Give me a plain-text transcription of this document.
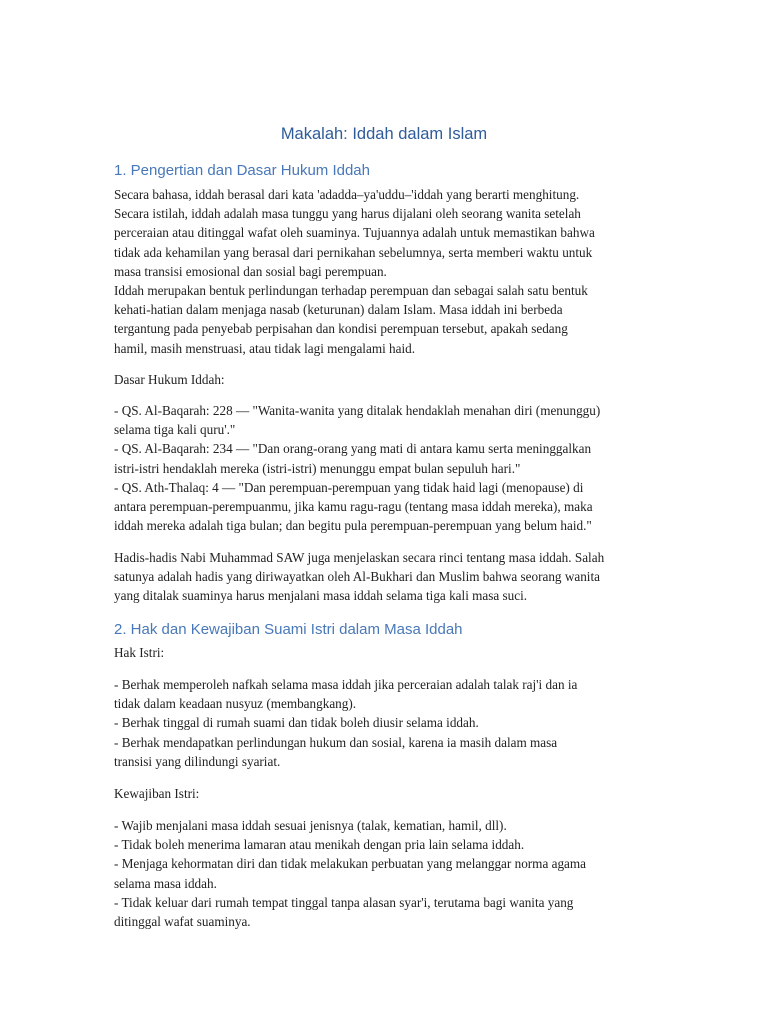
Makalah: Iddah dalam Islam
1. Pengertian dan Dasar Hukum Iddah

Secara bahasa, iddah berasal dari kata 'adadda–ya'uddu–'iddah yang berarti menghitung.
Secara istilah, iddah adalah masa tunggu yang harus dijalani oleh seorang wanita setelah
perceraian atau ditinggal wafat oleh suaminya. Tujuannya adalah untuk memastikan bahwa
tidak ada kehamilan yang berasal dari pernikahan sebelumnya, serta memberi waktu untuk
masa transisi emosional dan sosial bagi perempuan.
Iddah merupakan bentuk perlindungan terhadap perempuan dan sebagai salah satu bentuk
kehati-hatian dalam menjaga nasab (keturunan) dalam Islam. Masa iddah ini berbeda
tergantung pada penyebab perpisahan dan kondisi perempuan tersebut, apakah sedang
hamil, masih menstruasi, atau tidak lagi mengalami haid.

Dasar Hukum Iddah:

- QS. Al-Baqarah: 228 — "Wanita-wanita yang ditalak hendaklah menahan diri (menunggu)
selama tiga kali quru'."
- QS. Al-Baqarah: 234 — "Dan orang-orang yang mati di antara kamu serta meninggalkan
istri-istri hendaklah mereka (istri-istri) menunggu empat bulan sepuluh hari."
- QS. Ath-Thalaq: 4 — "Dan perempuan-perempuan yang tidak haid lagi (menopause) di
antara perempuan-perempuanmu, jika kamu ragu-ragu (tentang masa iddah mereka), maka
iddah mereka adalah tiga bulan; dan begitu pula perempuan-perempuan yang belum haid."

Hadis-hadis Nabi Muhammad SAW juga menjelaskan secara rinci tentang masa iddah. Salah
satunya adalah hadis yang diriwayatkan oleh Al-Bukhari dan Muslim bahwa seorang wanita
yang ditalak suaminya harus menjalani masa iddah selama tiga kali masa suci.

2. Hak dan Kewajiban Suami Istri dalam Masa Iddah

Hak Istri:

- Berhak memperoleh nafkah selama masa iddah jika perceraian adalah talak raj'i dan ia
tidak dalam keadaan nusyuz (membangkang).
- Berhak tinggal di rumah suami dan tidak boleh diusir selama iddah.
- Berhak mendapatkan perlindungan hukum dan sosial, karena ia masih dalam masa
transisi yang dilindungi syariat.

Kewajiban Istri:

- Wajib menjalani masa iddah sesuai jenisnya (talak, kematian, hamil, dll).
- Tidak boleh menerima lamaran atau menikah dengan pria lain selama iddah.
- Menjaga kehormatan diri dan tidak melakukan perbuatan yang melanggar norma agama
selama masa iddah.
- Tidak keluar dari rumah tempat tinggal tanpa alasan syar'i, terutama bagi wanita yang
ditinggal wafat suaminya.
